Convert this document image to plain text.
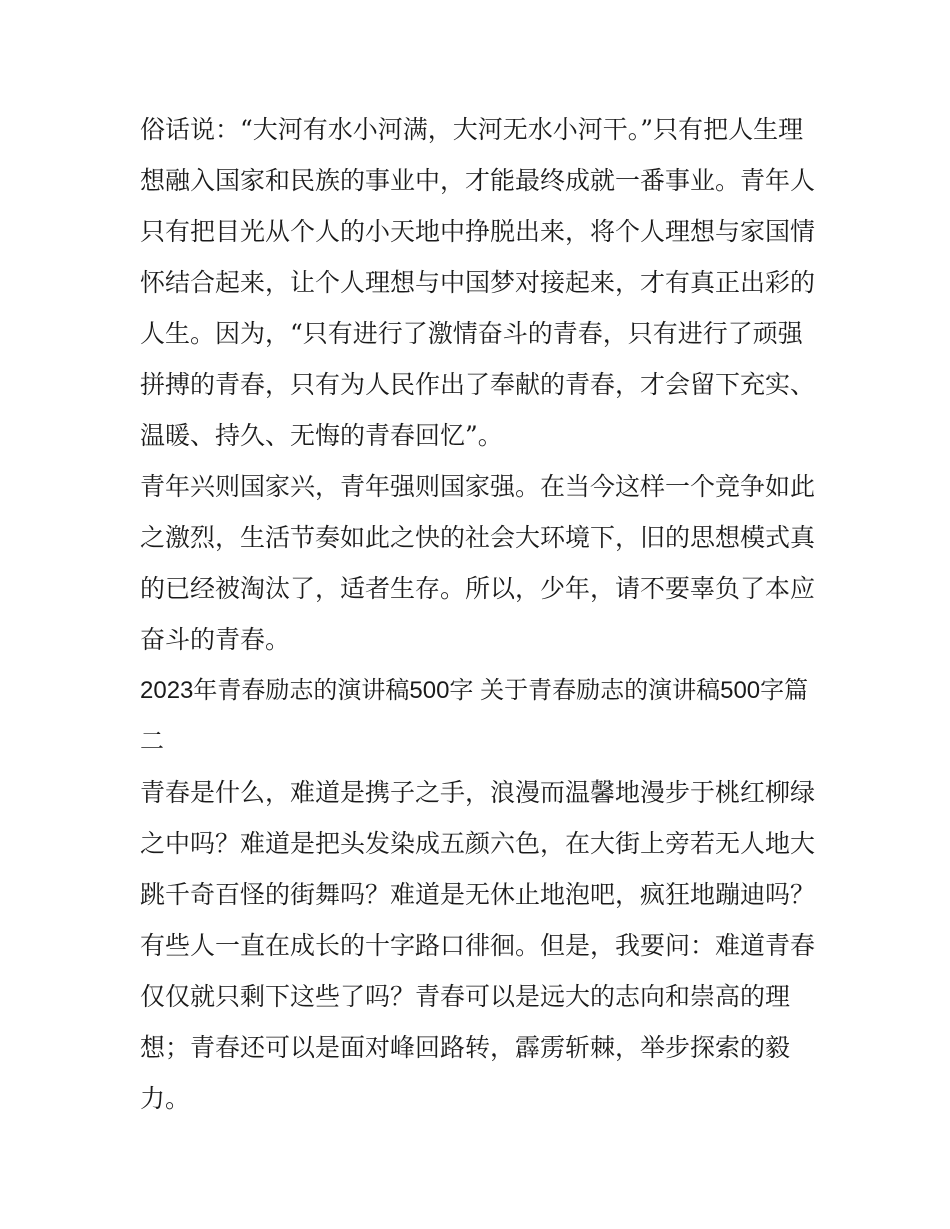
俗话说：“大河有水小河满，大河无水小河干。”只有把人生理想融入国家和民族的事业中，才能最终成就一番事业。青年人只有把目光从个人的小天地中挣脱出来，将个人理想与家国情怀结合起来，让个人理想与中国梦对接起来，才有真正出彩的人生。因为，“只有进行了激情奋斗的青春，只有进行了顽强拼搏的青春，只有为人民作出了奉献的青春，才会留下充实、温暖、持久、无悔的青春回忆”。

青年兴则国家兴，青年强则国家强。在当今这样一个竞争如此之激烈，生活节奏如此之快的社会大环境下，旧的思想模式真的已经被淘汰了，适者生存。所以，少年，请不要辜负了本应奋斗的青春。

2023年青春励志的演讲稿500字 关于青春励志的演讲稿500字篇二

青春是什么，难道是携子之手，浪漫而温馨地漫步于桃红柳绿之中吗？难道是把头发染成五颜六色，在大街上旁若无人地大跳千奇百怪的街舞吗？难道是无休止地泡吧，疯狂地蹦迪吗？有些人一直在成长的十字路口徘徊。但是，我要问：难道青春仅仅就只剩下这些了吗？青春可以是远大的志向和崇高的理想；青春还可以是面对峰回路转，霹雳斩棘，举步探索的毅力。
